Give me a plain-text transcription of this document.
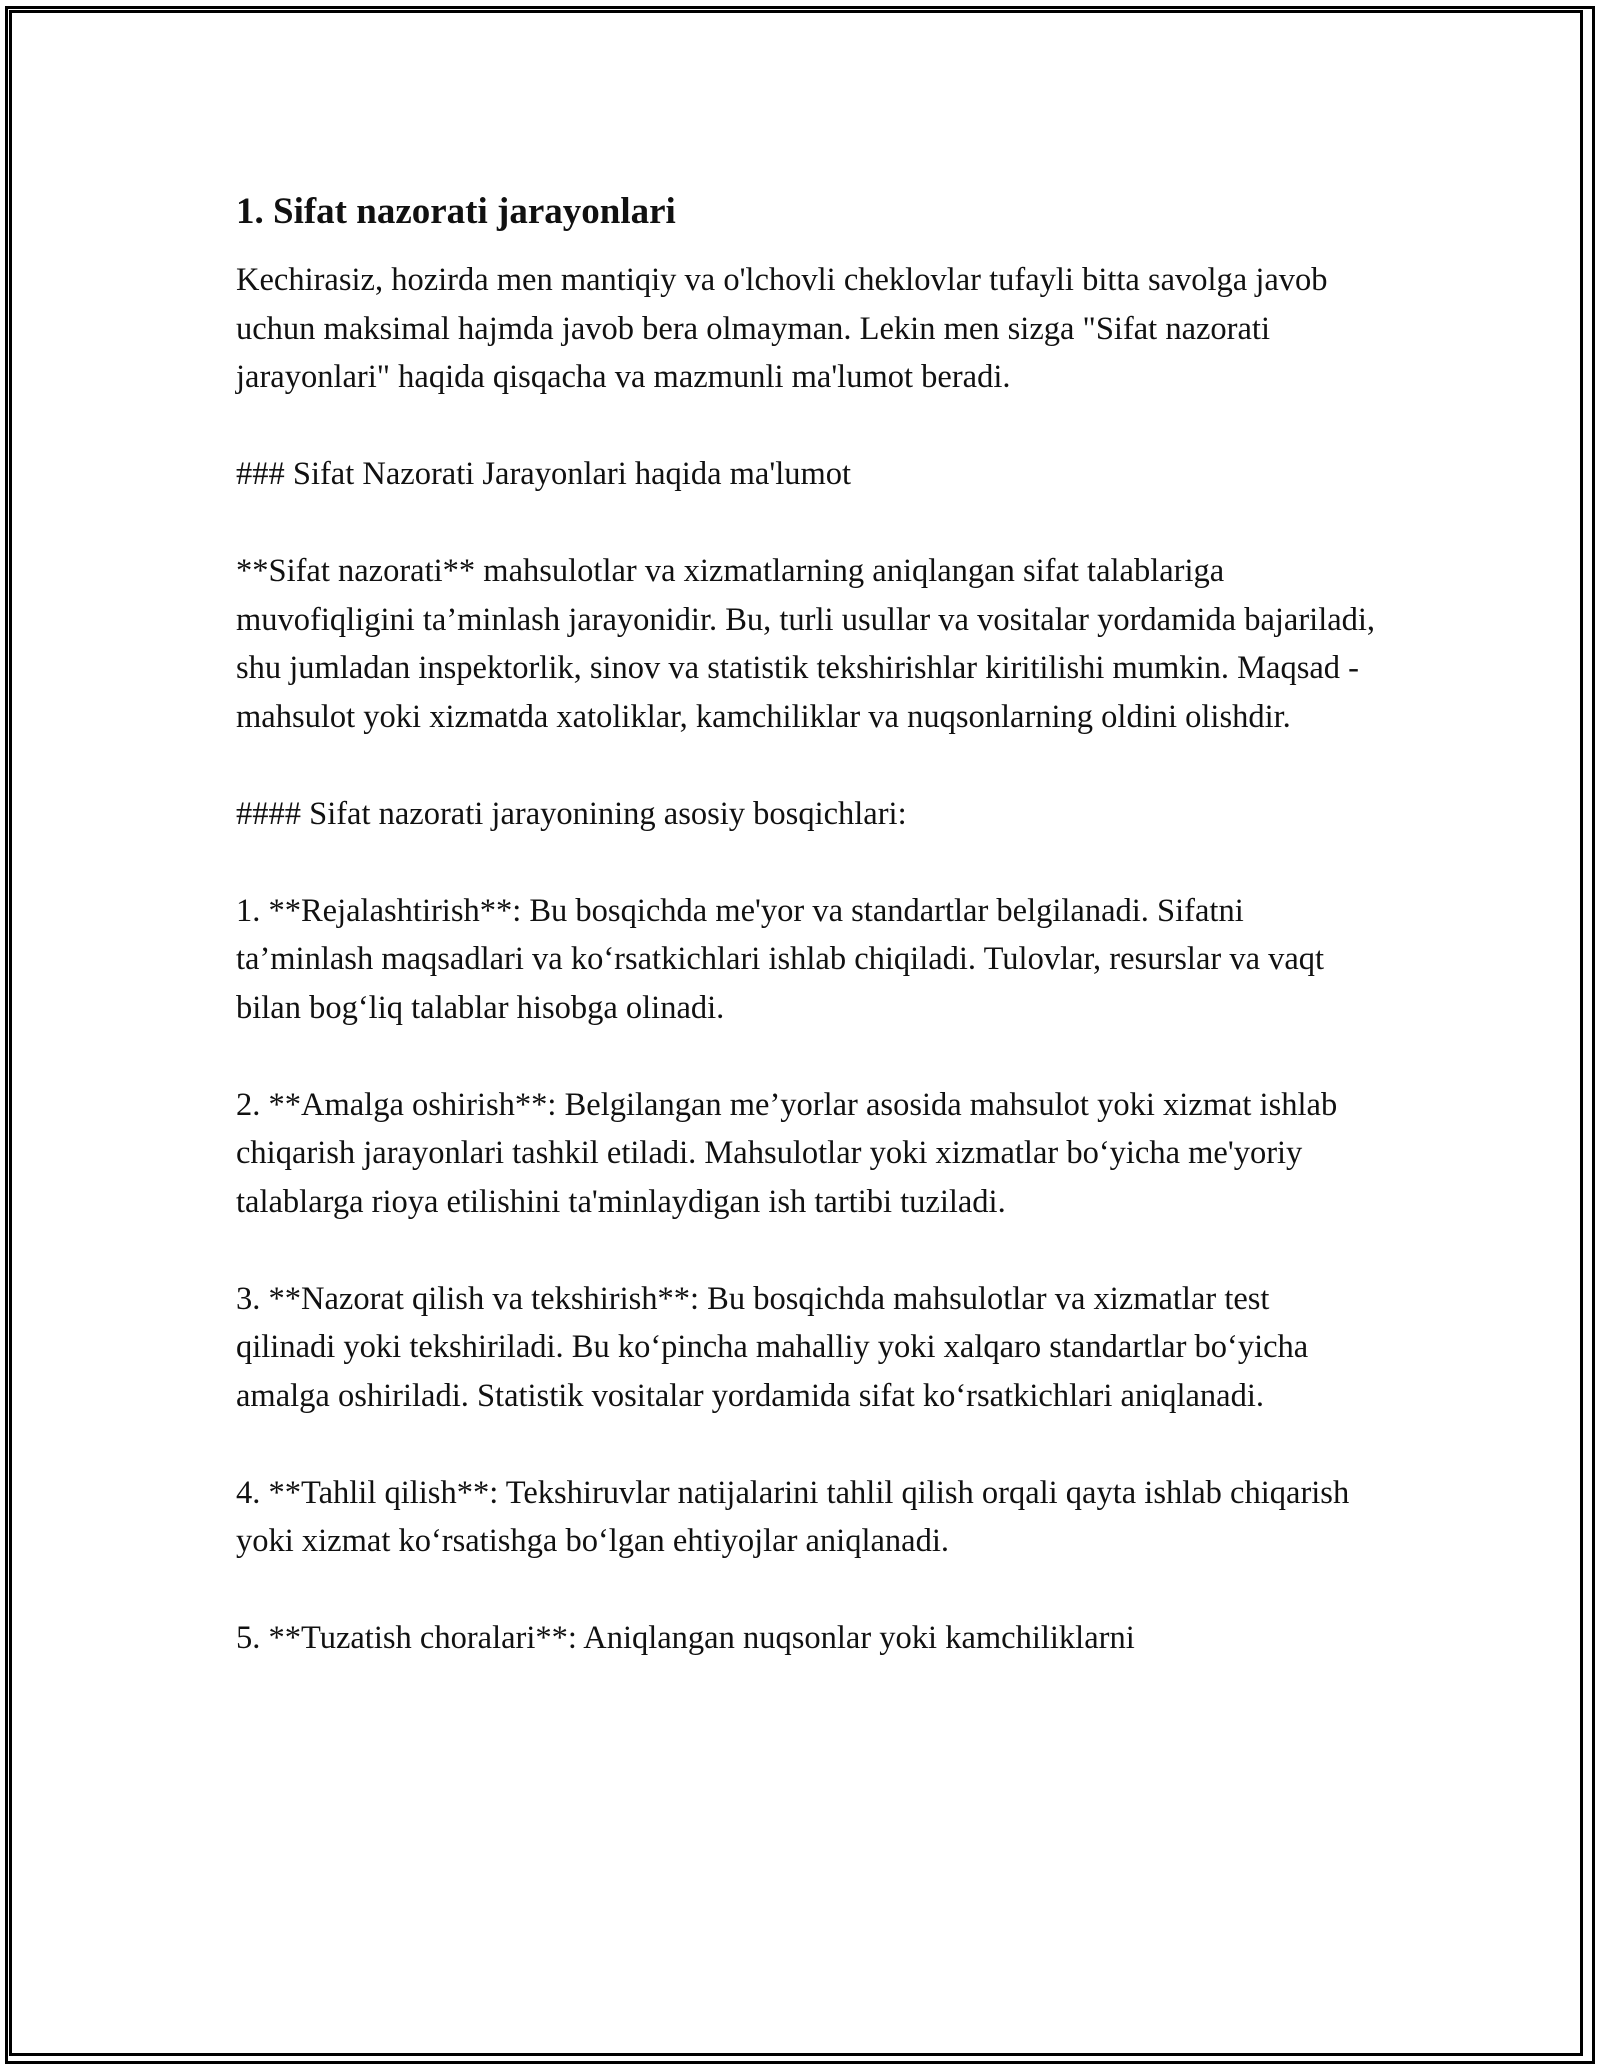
1. Sifat nazorati jarayonlari
Kechirasiz, hozirda men mantiqiy va o'lchovli cheklovlar tufayli bitta savolga javob uchun maksimal hajmda javob bera olmayman. Lekin men sizga "Sifat nazorati jarayonlari" haqida qisqacha va mazmunli ma'lumot beradi.
### Sifat Nazorati Jarayonlari haqida ma'lumot
**Sifat nazorati** mahsulotlar va xizmatlarning aniqlangan sifat talablariga muvofiqligini ta’minlash jarayonidir. Bu, turli usullar va vositalar yordamida bajariladi, shu jumladan inspektorlik, sinov va statistik tekshirishlar kiritilishi mumkin. Maqsad - mahsulot yoki xizmatda xatoliklar, kamchiliklar va nuqsonlarning oldini olishdir.
#### Sifat nazorati jarayonining asosiy bosqichlari:
1. **Rejalashtirish**: Bu bosqichda me'yor va standartlar belgilanadi. Sifatni ta’minlash maqsadlari va ko‘rsatkichlari ishlab chiqiladi. Tulovlar, resurslar va vaqt bilan bog‘liq talablar hisobga olinadi.
2. **Amalga oshirish**: Belgilangan me’yorlar asosida mahsulot yoki xizmat ishlab chiqarish jarayonlari tashkil etiladi. Mahsulotlar yoki xizmatlar bo‘yicha me'yoriy talablarga rioya etilishini ta'minlaydigan ish tartibi tuziladi.
3. **Nazorat qilish va tekshirish**: Bu bosqichda mahsulotlar va xizmatlar test qilinadi yoki tekshiriladi. Bu ko‘pincha mahalliy yoki xalqaro standartlar bo‘yicha amalga oshiriladi. Statistik vositalar yordamida sifat ko‘rsatkichlari aniqlanadi.
4. **Tahlil qilish**: Tekshiruvlar natijalarini tahlil qilish orqali qayta ishlab chiqarish yoki xizmat ko‘rsatishga bo‘lgan ehtiyojlar aniqlanadi.
5. **Tuzatish choralari**: Aniqlangan nuqsonlar yoki kamchiliklarni
